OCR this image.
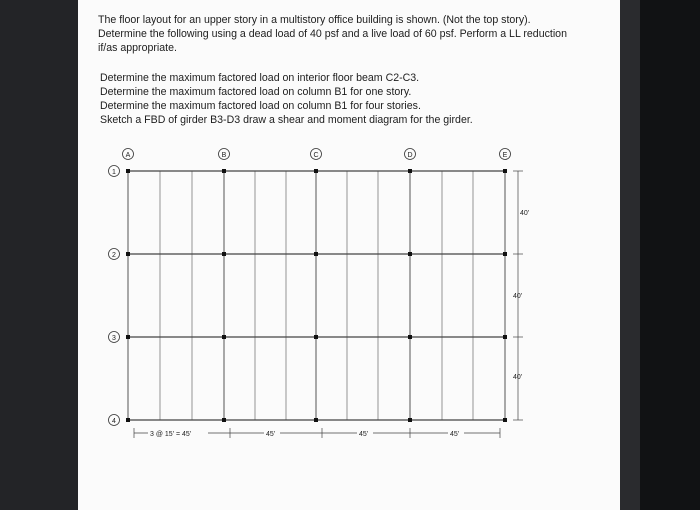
The floor layout for an upper story in a multistory office building is shown. (Not the top story).
Determine the following using a dead load of 40 psf and a live load of 60 psf. Perform a LL reduction
if/as appropriate.
Determine the maximum factored load on interior floor beam C2-C3.
Determine the maximum factored load on column B1 for one story.
Determine the maximum factored load on column B1 for four stories.
Sketch a FBD of girder B3-D3 draw a shear and moment diagram for the girder.
A	B	C	D	E
1
2
3
4
40'
40'
40'
3 @ 15' = 45'	45'	45'	45'
